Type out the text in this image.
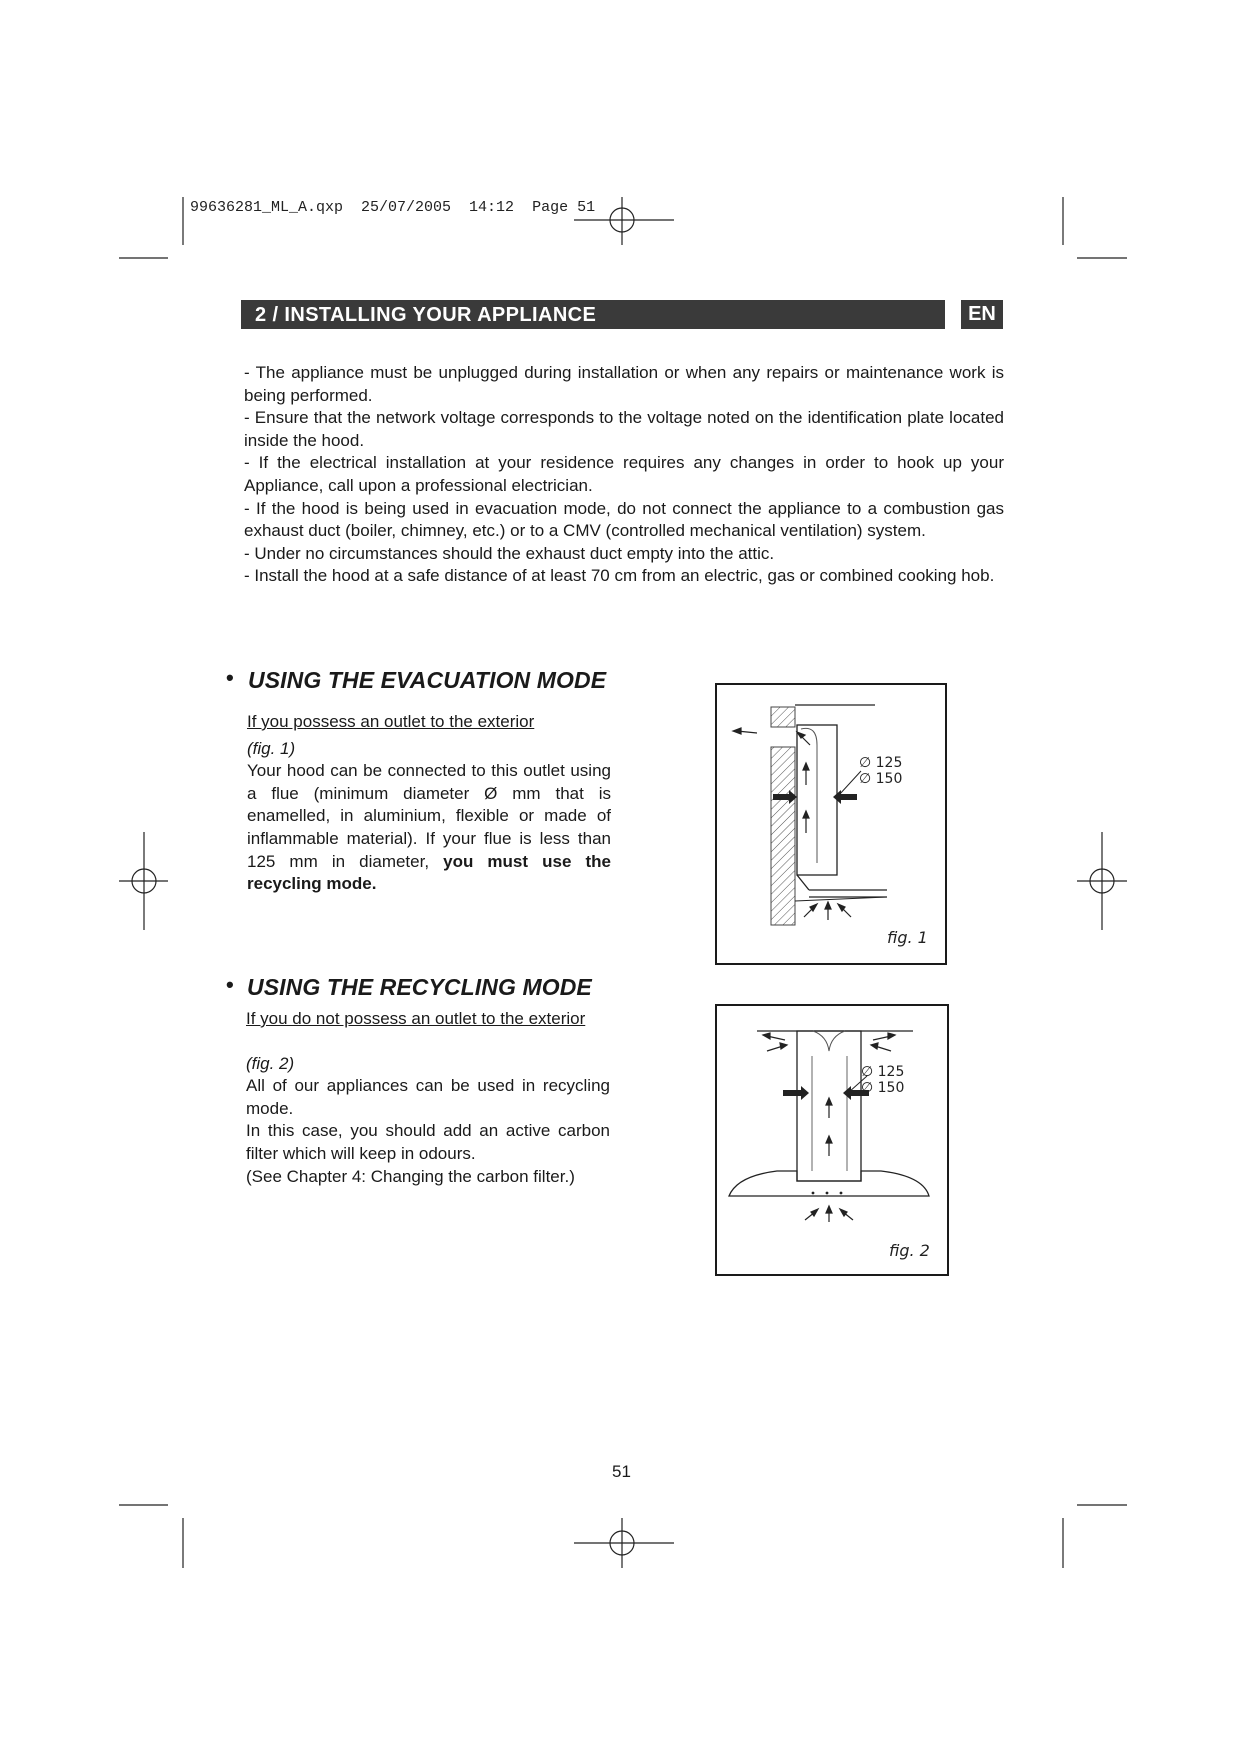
99636281_ML_A.qxp 25/07/2005 14:12 Page 51
2 / INSTALLING YOUR APPLIANCE	EN

- The appliance must be unplugged during installation or when any repairs or maintenance work is being performed.

- Ensure that the network voltage corresponds to the voltage noted on the identification plate located inside the hood.

- If the electrical installation at your residence requires any changes in order to hook up your Appliance, call upon a professional electrician.

- If the hood is being used in evacuation mode, do not connect the appliance to a combustion gas exhaust duct (boiler, chimney, etc.) or to a CMV (controlled mechanical ventilation) system.

- Under no circumstances should the exhaust duct empty into the attic.

- Install the hood at a safe distance of at least 70 cm from an electric, gas or combined cooking hob.

• USING THE EVACUATION MODE

If you possess an outlet to the exterior

(fig. 1)

Your hood can be connected to this outlet using a flue (minimum diameter Ø mm that is enamelled, in aluminium, flexible or made of inflammable material). If your flue is less than 125 mm in diameter, you must use the recycling mode.

∅ 125
∅ 150
fig. 1
• USING THE RECYCLING MODE

If you do not possess an outlet to the exterior

(fig. 2)

All of our appliances can be used in recycling mode.

In this case, you should add an active carbon filter which will keep in odours.

(See Chapter 4: Changing the carbon filter.)

∅ 125
∅ 150
fig. 2
51
